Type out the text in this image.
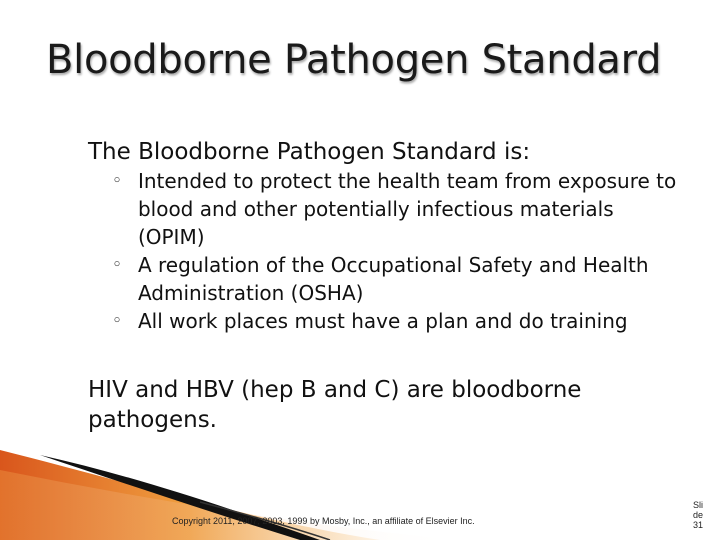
Bloodborne Pathogen Standard
The Bloodborne Pathogen Standard is:
◦ Intended to protect the health team from exposure to blood and other potentially infectious materials (OPIM)
◦ A regulation of the Occupational Safety and Health Administration (OSHA)
◦ All work places must have a plan and do training
HIV and HBV (hep B and C) are bloodborne pathogens.
Copyright 2011, 2007, 2003, 1999 by Mosby, Inc., an affiliate of Elsevier Inc.
Sli
de
31
